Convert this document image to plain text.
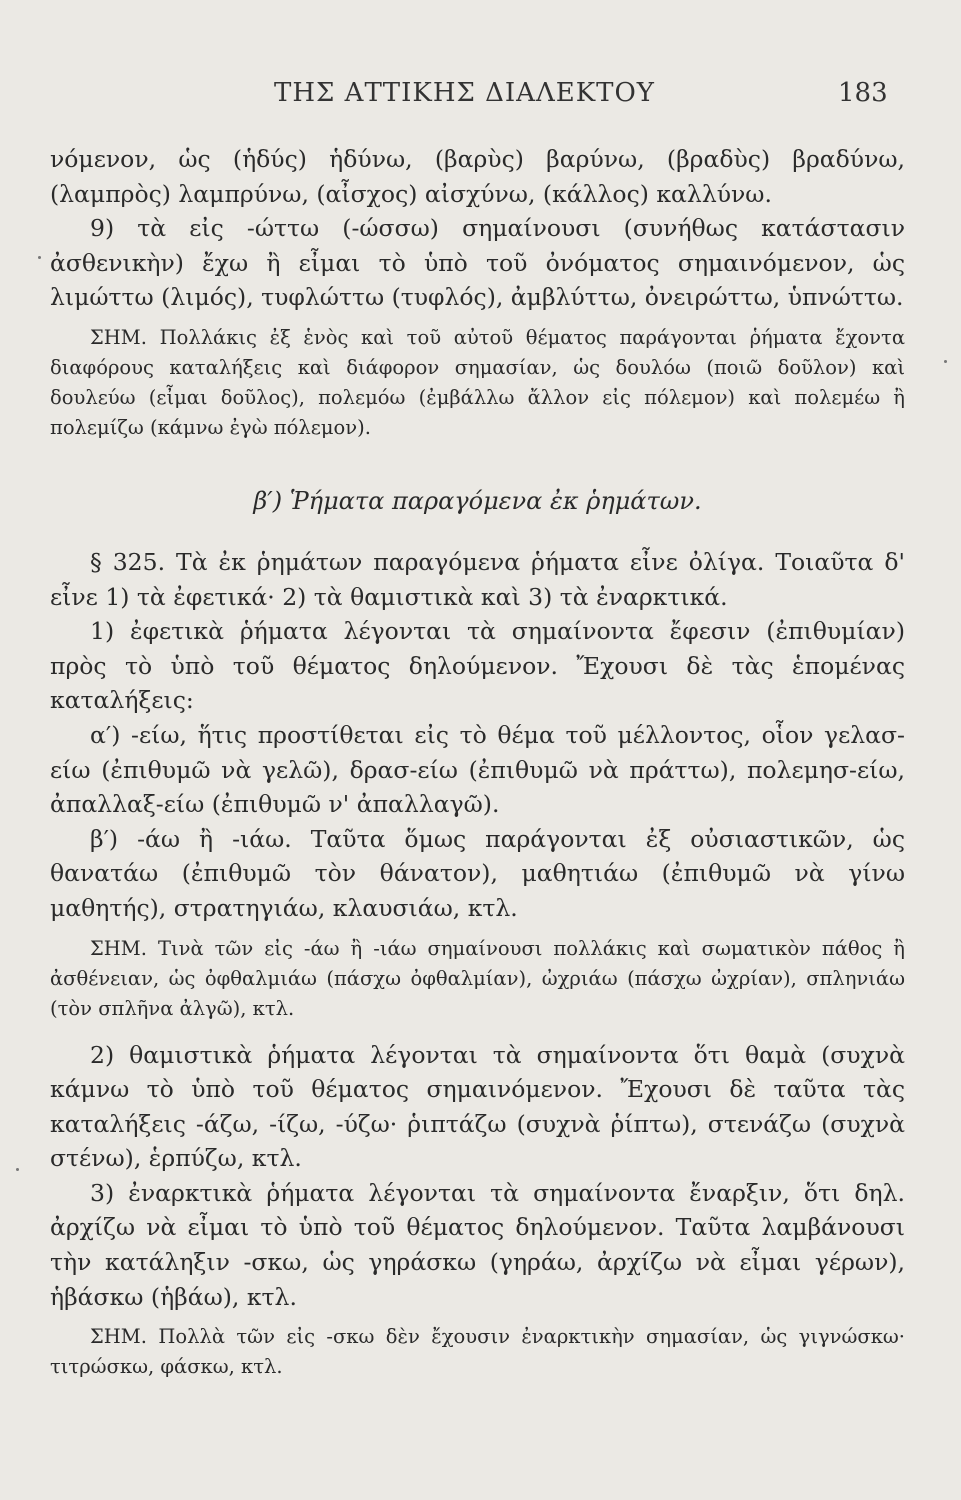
ΤΗΣ ΑΤΤΙΚΗΣ ΔΙΑΛΕΚΤΟΥ	183

νόμενον, ὡς (ἡδύς) ἡδύνω, (βαρὺς) βαρύνω, (βραδὺς) βραδύνω, (λαμπρὸς) λαμπρύνω, (αἶσχος) αἰσχύνω, (κάλλος) καλλύνω.

9) τὰ εἰς -ώττω (-ώσσω) σημαίνουσι (συνήθως κατάστασιν ἀσθενικὴν) ἔχω ἢ εἶμαι τὸ ὑπὸ τοῦ ὀνόματος σημαινόμενον, ὡς λιμώττω (λιμός), τυφλώττω (τυφλός), ἀμβλύττω, ὀνειρώττω, ὑπνώττω.

ΣΗΜ. Πολλάκις ἐξ ἑνὸς καὶ τοῦ αὐτοῦ θέματος παράγονται ῥήματα ἔχοντα διαφόρους καταλήξεις καὶ διάφορον σημασίαν, ὡς δουλόω (ποιῶ δοῦλον) καὶ δουλεύω (εἶμαι δοῦλος), πολεμόω (ἐμβάλλω ἄλλον εἰς πόλεμον) καὶ πολεμέω ἢ πολεμίζω (κάμνω ἐγὼ πόλεμον).

β′) Ῥήματα παραγόμενα ἐκ ῥημάτων.

§ 325. Τὰ ἐκ ῥημάτων παραγόμενα ῥήματα εἶνε ὀλίγα. Τοιαῦτα δ' εἶνε 1) τὰ ἐφετικά· 2) τὰ θαμιστικὰ καὶ 3) τὰ ἐναρκτικά.

1) ἐφετικὰ ῥήματα λέγονται τὰ σημαίνοντα ἔφεσιν (ἐπιθυμίαν) πρὸς τὸ ὑπὸ τοῦ θέματος δηλούμενον. Ἔχουσι δὲ τὰς ἑπομένας καταλήξεις:

α′) -είω, ἥτις προστίθεται εἰς τὸ θέμα τοῦ μέλλοντος, οἷον γελασ-είω (ἐπιθυμῶ νὰ γελῶ), δρασ-είω (ἐπιθυμῶ νὰ πράττω), πολεμησ-είω, ἀπαλλαξ-είω (ἐπιθυμῶ ν' ἀπαλλαγῶ).

β′) -άω ἢ -ιάω. Ταῦτα ὅμως παράγονται ἐξ οὐσιαστικῶν, ὡς θανατάω (ἐπιθυμῶ τὸν θάνατον), μαθητιάω (ἐπιθυμῶ νὰ γίνω μαθητής), στρατηγιάω, κλαυσιάω, κτλ.

ΣΗΜ. Τινὰ τῶν εἰς -άω ἢ -ιάω σημαίνουσι πολλάκις καὶ σωματικὸν πάθος ἢ ἀσθένειαν, ὡς ὀφθαλμιάω (πάσχω ὀφθαλμίαν), ὠχριάω (πάσχω ὠχρίαν), σπληνιάω (τὸν σπλῆνα ἀλγῶ), κτλ.

2) θαμιστικὰ ῥήματα λέγονται τὰ σημαίνοντα ὅτι θαμὰ (συχνὰ κάμνω τὸ ὑπὸ τοῦ θέματος σημαινόμενον. Ἔχουσι δὲ ταῦτα τὰς καταλήξεις -άζω, -ίζω, -ύζω· ῥιπτάζω (συχνὰ ῥίπτω), στενάζω (συχνὰ στένω), ἑρπύζω, κτλ.

3) ἐναρκτικὰ ῥήματα λέγονται τὰ σημαίνοντα ἔναρξιν, ὅτι δηλ. ἀρχίζω νὰ εἶμαι τὸ ὑπὸ τοῦ θέματος δηλούμενον. Ταῦτα λαμβάνουσι τὴν κατάληξιν -σκω, ὡς γηράσκω (γηράω, ἀρχίζω νὰ εἶμαι γέρων), ἡβάσκω (ἡβάω), κτλ.

ΣΗΜ. Πολλὰ τῶν εἰς -σκω δὲν ἔχουσιν ἐναρκτικὴν σημασίαν, ὡς γιγνώσκω· τιτρώσκω, φάσκω, κτλ.
